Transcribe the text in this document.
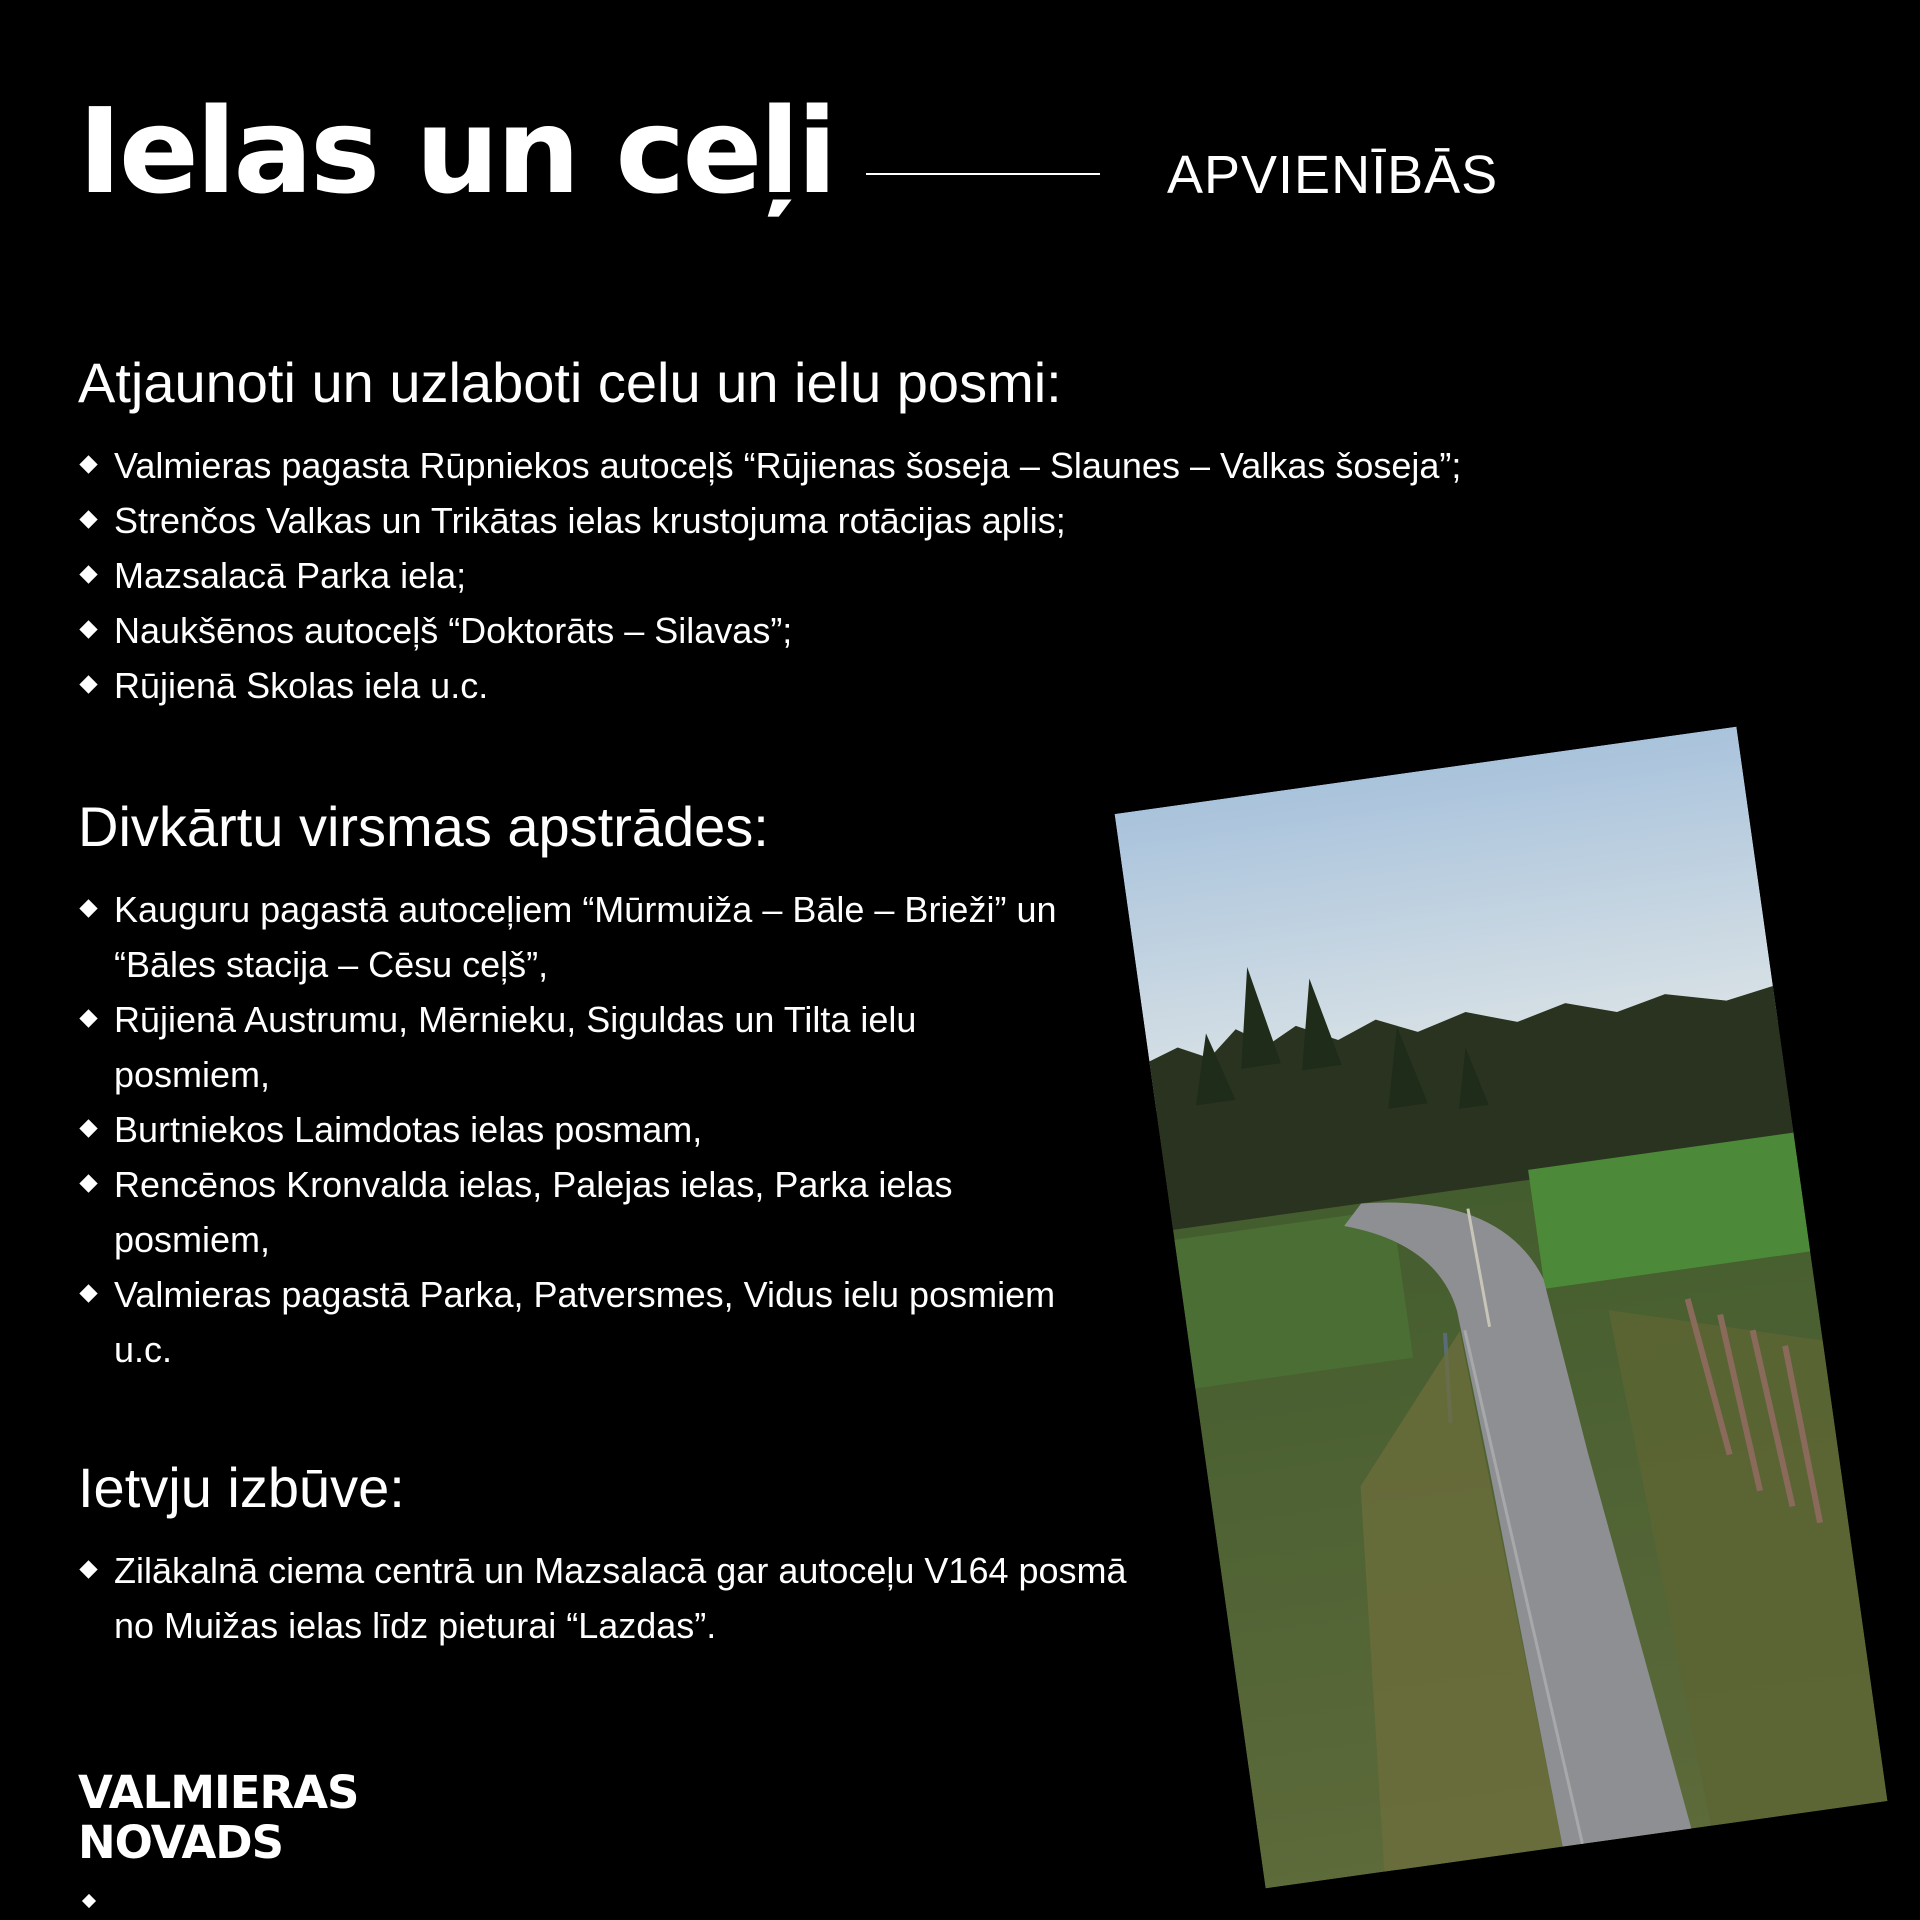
Ielas un ceļi	APVIENĪBĀS
Atjaunoti un uzlaboti celu un ielu posmi:
Valmieras pagasta Rūpniekos autoceļš “Rūjienas šoseja – Slaunes – Valkas šoseja”;
Strenčos Valkas un Trikātas ielas krustojuma rotācijas aplis;
Mazsalacā Parka iela;
Naukšēnos autoceļš “Doktorāts – Silavas”;
Rūjienā Skolas iela u.c.
Divkārtu virsmas apstrādes:
Kauguru pagastā autoceļiem “Mūrmuiža – Bāle – Brieži” un “Bāles stacija – Cēsu ceļš”,
Rūjienā Austrumu, Mērnieku, Siguldas un Tilta ielu posmiem,
Burtniekos Laimdotas ielas posmam,
Rencēnos Kronvalda ielas, Palejas ielas, Parka ielas posmiem,
Valmieras pagastā Parka, Patversmes, Vidus ielu posmiem u.c.
Ietvju izbūve:
Zilākalnā ciema centrā un Mazsalacā gar autoceļu V164 posmā no Muižas ielas līdz pieturai “Lazdas”.
VALMIERAS
NOVADS
